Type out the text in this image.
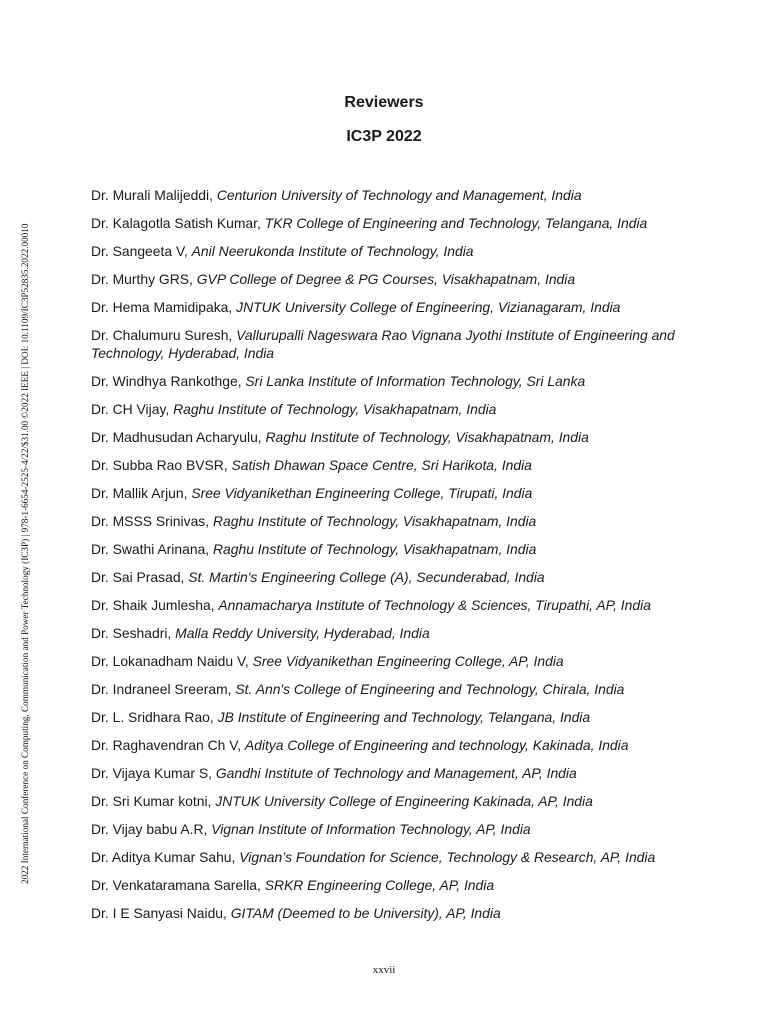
2022 International Conference on Computing, Communication and Power Technology (IC3P) | 978-1-6654-2525-4/22/$31.00 ©2022 IEEE | DOI: 10.1109/IC3P52835.2022.00010
Reviewers
IC3P 2022

Dr. Murali Malijeddi, Centurion University of Technology and Management, India

Dr. Kalagotla Satish Kumar, TKR College of Engineering and Technology, Telangana, India

Dr. Sangeeta V, Anil Neerukonda Institute of Technology, India

Dr. Murthy GRS, GVP College of Degree & PG Courses, Visakhapatnam, India

Dr. Hema Mamidipaka, JNTUK University College of Engineering, Vizianagaram, India

Dr. Chalumuru Suresh, Vallurupalli Nageswara Rao Vignana Jyothi Institute of Engineering and Technology, Hyderabad, India

Dr. Windhya Rankothge, Sri Lanka Institute of Information Technology, Sri Lanka

Dr. CH Vijay, Raghu Institute of Technology, Visakhapatnam, India

Dr. Madhusudan Acharyulu, Raghu Institute of Technology, Visakhapatnam, India

Dr. Subba Rao BVSR, Satish Dhawan Space Centre, Sri Harikota, India

Dr. Mallik Arjun, Sree Vidyanikethan Engineering College, Tirupati, India

Dr. MSSS Srinivas, Raghu Institute of Technology, Visakhapatnam, India

Dr. Swathi Arinana, Raghu Institute of Technology, Visakhapatnam, India

Dr. Sai Prasad, St. Martin's Engineering College (A), Secunderabad, India

Dr. Shaik Jumlesha, Annamacharya Institute of Technology & Sciences, Tirupathi, AP, India

Dr. Seshadri, Malla Reddy University, Hyderabad, India

Dr. Lokanadham Naidu V, Sree Vidyanikethan Engineering College, AP, India

Dr. Indraneel Sreeram, St. Ann's College of Engineering and Technology, Chirala, India

Dr. L. Sridhara Rao, JB Institute of Engineering and Technology, Telangana, India

Dr. Raghavendran Ch V, Aditya College of Engineering and technology, Kakinada, India

Dr. Vijaya Kumar S, Gandhi Institute of Technology and Management, AP, India

Dr. Sri Kumar kotni, JNTUK University College of Engineering Kakinada, AP, India

Dr. Vijay babu A.R, Vignan Institute of Information Technology, AP, India

Dr. Aditya Kumar Sahu, Vignan’s Foundation for Science, Technology & Research, AP, India

Dr. Venkataramana Sarella, SRKR Engineering College, AP, India

Dr. I E Sanyasi Naidu, GITAM (Deemed to be University), AP, India

xxvii
